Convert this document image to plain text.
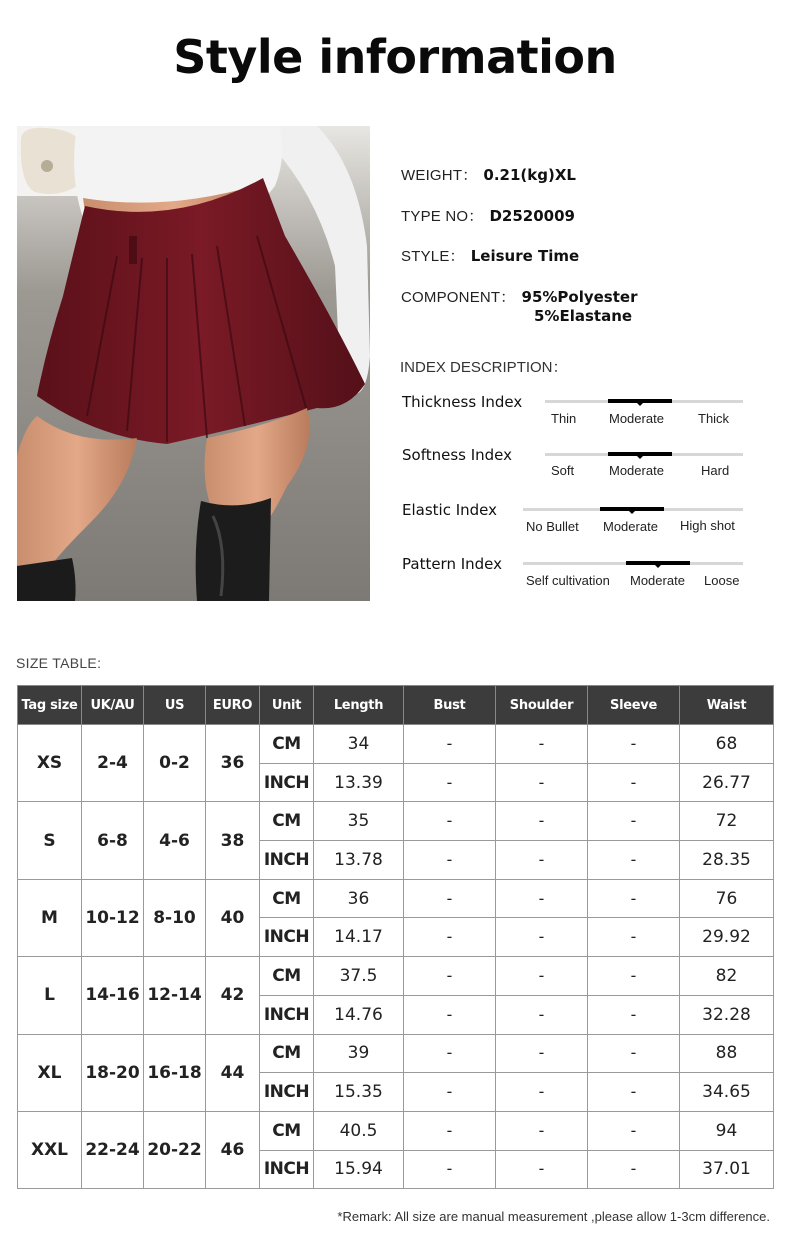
Style information
WEIGHT： 0.21(kg)XL
TYPE NO： D2520009
STYLE： Leisure Time
COMPONENT： 95%Polyester
5%Elastane
INDEX DESCRIPTION：
Thickness Index
Thin	Moderate	Thick
Softness Index
Soft	Moderate	Hard
Elastic Index
No Bullet Moderate High shot
Pattern Index
Self cultivation Moderate Loose
SIZE TABLE:
Tag size	UK/AU	US	EURO	Unit	Length	Bust	Shoulder	Sleeve	Waist
XS	2-4	0-2	36	CM	34	-	-	-	68
				INCH	13.39	-	-	-	26.77
S	6-8	4-6	38	CM	35	-	-	-	72
				INCH	13.78	-	-	-	28.35
M	10-12	8-10	40	CM	36	-	-	-	76
				INCH	14.17	-	-	-	29.92
L	14-16	12-14	42	CM	37.5	-	-	-	82
				INCH	14.76	-	-	-	32.28
XL	18-20	16-18	44	CM	39	-	-	-	88
				INCH	15.35	-	-	-	34.65
XXL	22-24	20-22	46	CM	40.5	-	-	-	94
				INCH	15.94	-	-	-	37.01
*Remark: All size are manual measurement ,please allow 1-3cm difference.
